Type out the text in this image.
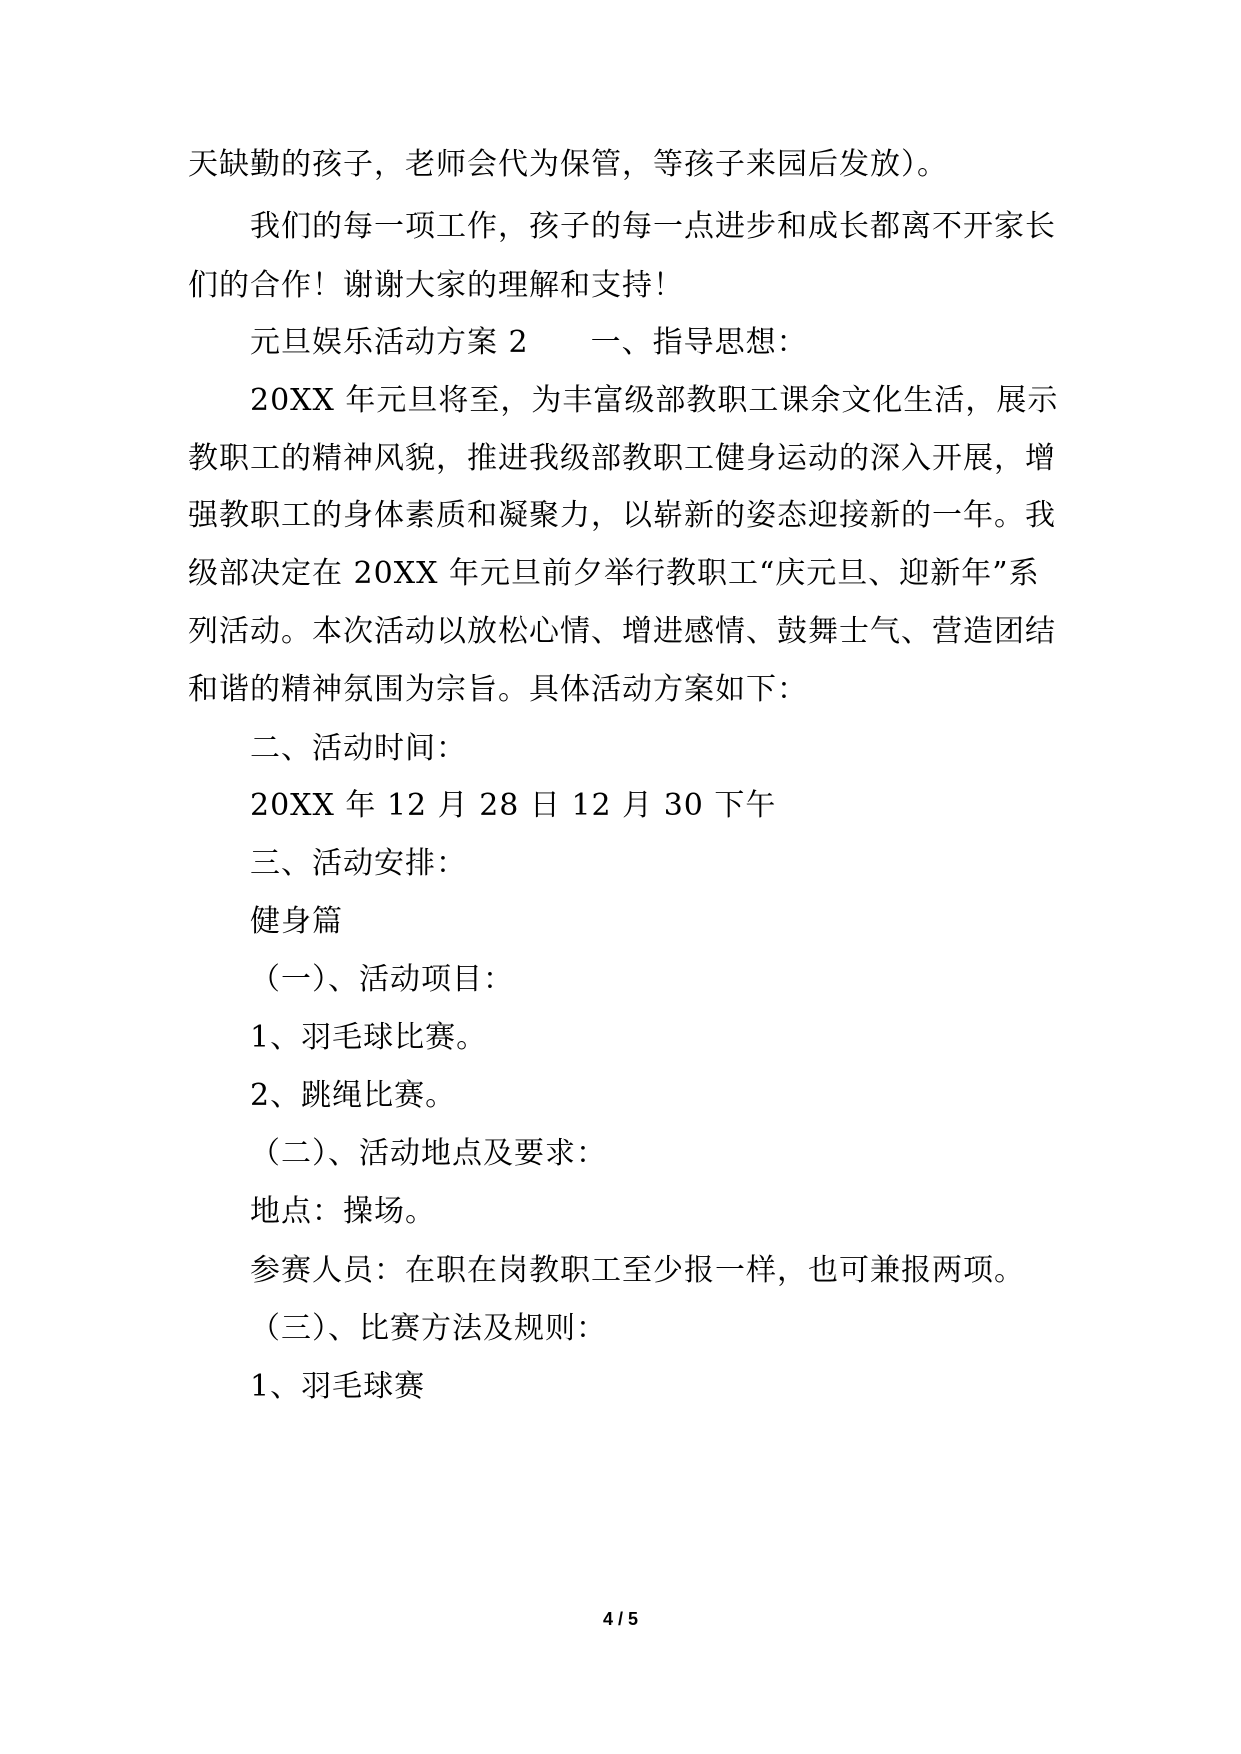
天缺勤的孩子，老师会代为保管，等孩子来园后发放）。
我们的每一项工作，孩子的每一点进步和成长都离不开家长
们的合作！谢谢大家的理解和支持！
元旦娱乐活动方案 2　　一、指导思想：
20XX 年元旦将至，为丰富级部教职工课余文化生活，展示
教职工的精神风貌，推进我级部教职工健身运动的深入开展，增
强教职工的身体素质和凝聚力，以崭新的姿态迎接新的一年。我
级部决定在 20XX 年元旦前夕举行教职工“庆元旦、迎新年”系
列活动。本次活动以放松心情、增进感情、鼓舞士气、营造团结
和谐的精神氛围为宗旨。具体活动方案如下：
二、活动时间：
20XX 年 12 月 28 日 12 月 30 下午
三、活动安排：
健身篇
（一）、活动项目：
1、羽毛球比赛。
2、跳绳比赛。
（二）、活动地点及要求：
地点：操场。
参赛人员：在职在岗教职工至少报一样，也可兼报两项。
（三）、比赛方法及规则：
1、羽毛球赛
4 / 5
